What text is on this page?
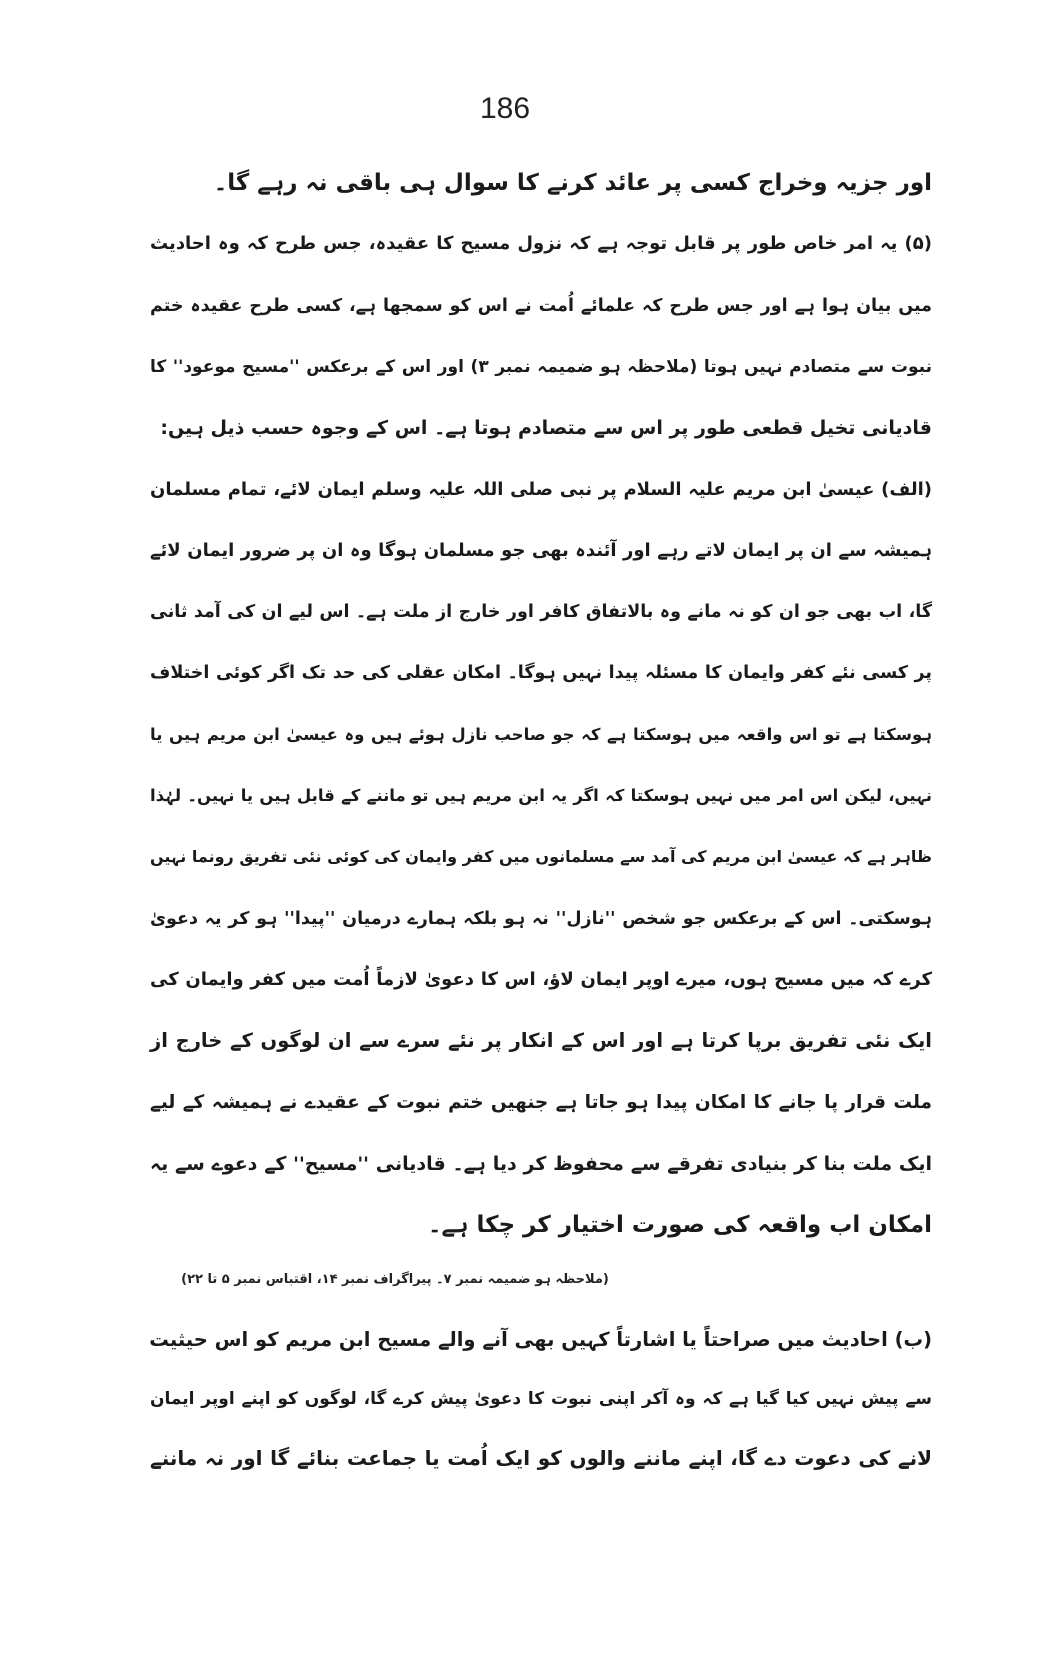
186
اور جزیہ وخراج کسی پر عائد کرنے کا سوال ہی باقی نہ رہے گا۔
(۵) یہ امر خاص طور پر قابل توجہ ہے کہ نزول مسیح کا عقیدہ، جس طرح کہ وہ احادیث
میں بیان ہوا ہے اور جس طرح کہ علمائے اُمت نے اس کو سمجھا ہے، کسی طرح عقیدہ ختم
نبوت سے متصادم نہیں ہوتا (ملاحظہ ہو ضمیمہ نمبر ۳) اور اس کے برعکس ''مسیح موعود'' کا
قادیانی تخیل قطعی طور پر اس سے متصادم ہوتا ہے۔ اس کے وجوہ حسب ذیل ہیں:
(الف) عیسیٰ ابن مریم علیہ السلام پر نبی صلی اللہ علیہ وسلم ایمان لائے، تمام مسلمان
ہمیشہ سے ان پر ایمان لاتے رہے اور آئندہ بھی جو مسلمان ہوگا وہ ان پر ضرور ایمان لائے
گا، اب بھی جو ان کو نہ مانے وہ بالاتفاق کافر اور خارج از ملت ہے۔ اس لیے ان کی آمد ثانی
پر کسی نئے کفر وایمان کا مسئلہ پیدا نہیں ہوگا۔ امکان عقلی کی حد تک اگر کوئی اختلاف
ہوسکتا ہے تو اس واقعہ میں ہوسکتا ہے کہ جو صاحب نازل ہوئے ہیں وہ عیسیٰ ابن مریم ہیں یا
نہیں، لیکن اس امر میں نہیں ہوسکتا کہ اگر یہ ابن مریم ہیں تو ماننے کے قابل ہیں یا نہیں۔ لہٰذا
ظاہر ہے کہ عیسیٰ ابن مریم کی آمد سے مسلمانوں میں کفر وایمان کی کوئی نئی تفریق رونما نہیں
ہوسکتی۔ اس کے برعکس جو شخص ''نازل'' نہ ہو بلکہ ہمارے درمیان ''پیدا'' ہو کر یہ دعویٰ
کرے کہ میں مسیح ہوں، میرے اوپر ایمان لاؤ، اس کا دعویٰ لازماً اُمت میں کفر وایمان کی
ایک نئی تفریق برپا کرتا ہے اور اس کے انکار پر نئے سرے سے ان لوگوں کے خارج از
ملت قرار پا جانے کا امکان پیدا ہو جاتا ہے جنھیں ختم نبوت کے عقیدے نے ہمیشہ کے لیے
ایک ملت بنا کر بنیادی تفرقے سے محفوظ کر دیا ہے۔ قادیانی ''مسیح'' کے دعوے سے یہ
امکان اب واقعہ کی صورت اختیار کر چکا ہے۔
(ب) احادیث میں صراحتاً یا اشارتاً کہیں بھی آنے والے مسیح ابن مریم کو اس حیثیت
سے پیش نہیں کیا گیا ہے کہ وہ آکر اپنی نبوت کا دعویٰ پیش کرے گا، لوگوں کو اپنے اوپر ایمان
لانے کی دعوت دے گا، اپنے ماننے والوں کو ایک اُمت یا جماعت بنائے گا اور نہ ماننے
(ملاحظہ ہو ضمیمہ نمبر ۷۔ پیراگراف نمبر ۱۴، اقتباس نمبر ۵ تا ۲۲)
